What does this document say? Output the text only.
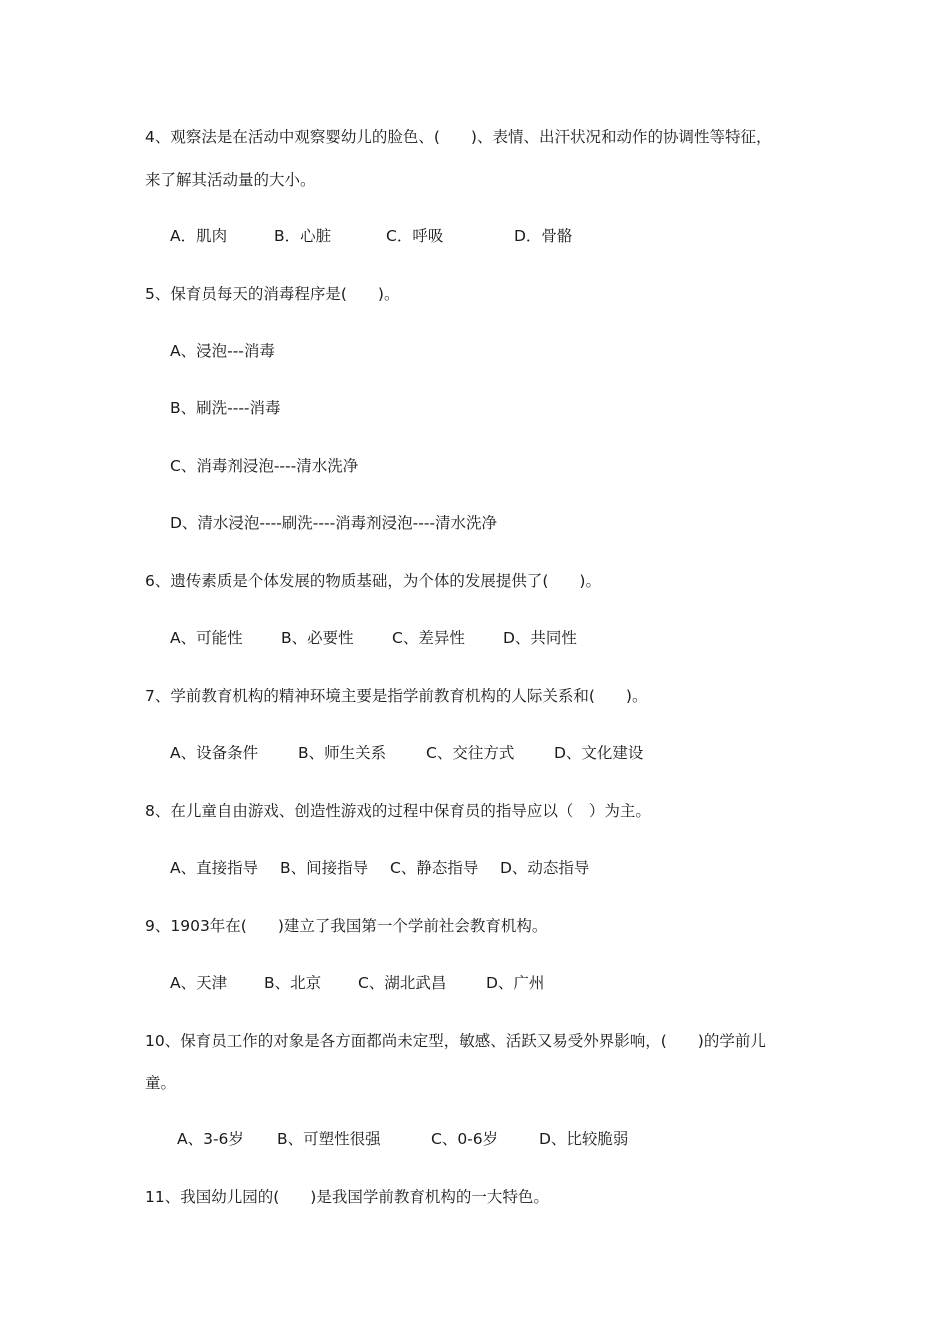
4、观察法是在活动中观察婴幼儿的脸色、(　　)、表情、出汗状况和动作的协调性等特征，
来了解其活动量的大小。
A．肌肉	B．心脏	C．呼吸	D．骨骼
5、保育员每天的消毒程序是(　　)。
A、浸泡---消毒
B、刷洗----消毒
C、消毒剂浸泡----清水洗净
D、清水浸泡----刷洗----消毒剂浸泡----清水洗净
6、遗传素质是个体发展的物质基础，为个体的发展提供了(　　)。
A、可能性 B、必要性 C、差异性 D、共同性
7、学前教育机构的精神环境主要是指学前教育机构的人际关系和(　　)。
A、设备条件	B、师生关系	C、交往方式	D、文化建设
8、在儿童自由游戏、创造性游戏的过程中保育员的指导应以（　）为主。
A、直接指导 B、间接指导 C、静态指导 D、动态指导
9、1903年在(　　)建立了我国第一个学前社会教育机构。
A、天津 B、北京 C、湖北武昌	D、广州
10、保育员工作的对象是各方面都尚未定型，敏感、活跃又易受外界影响，(　　)的学前儿
童。
A、3-6岁 B、可塑性很强	C、0-6岁	D、比较脆弱
11、我国幼儿园的(　　)是我国学前教育机构的一大特色。
